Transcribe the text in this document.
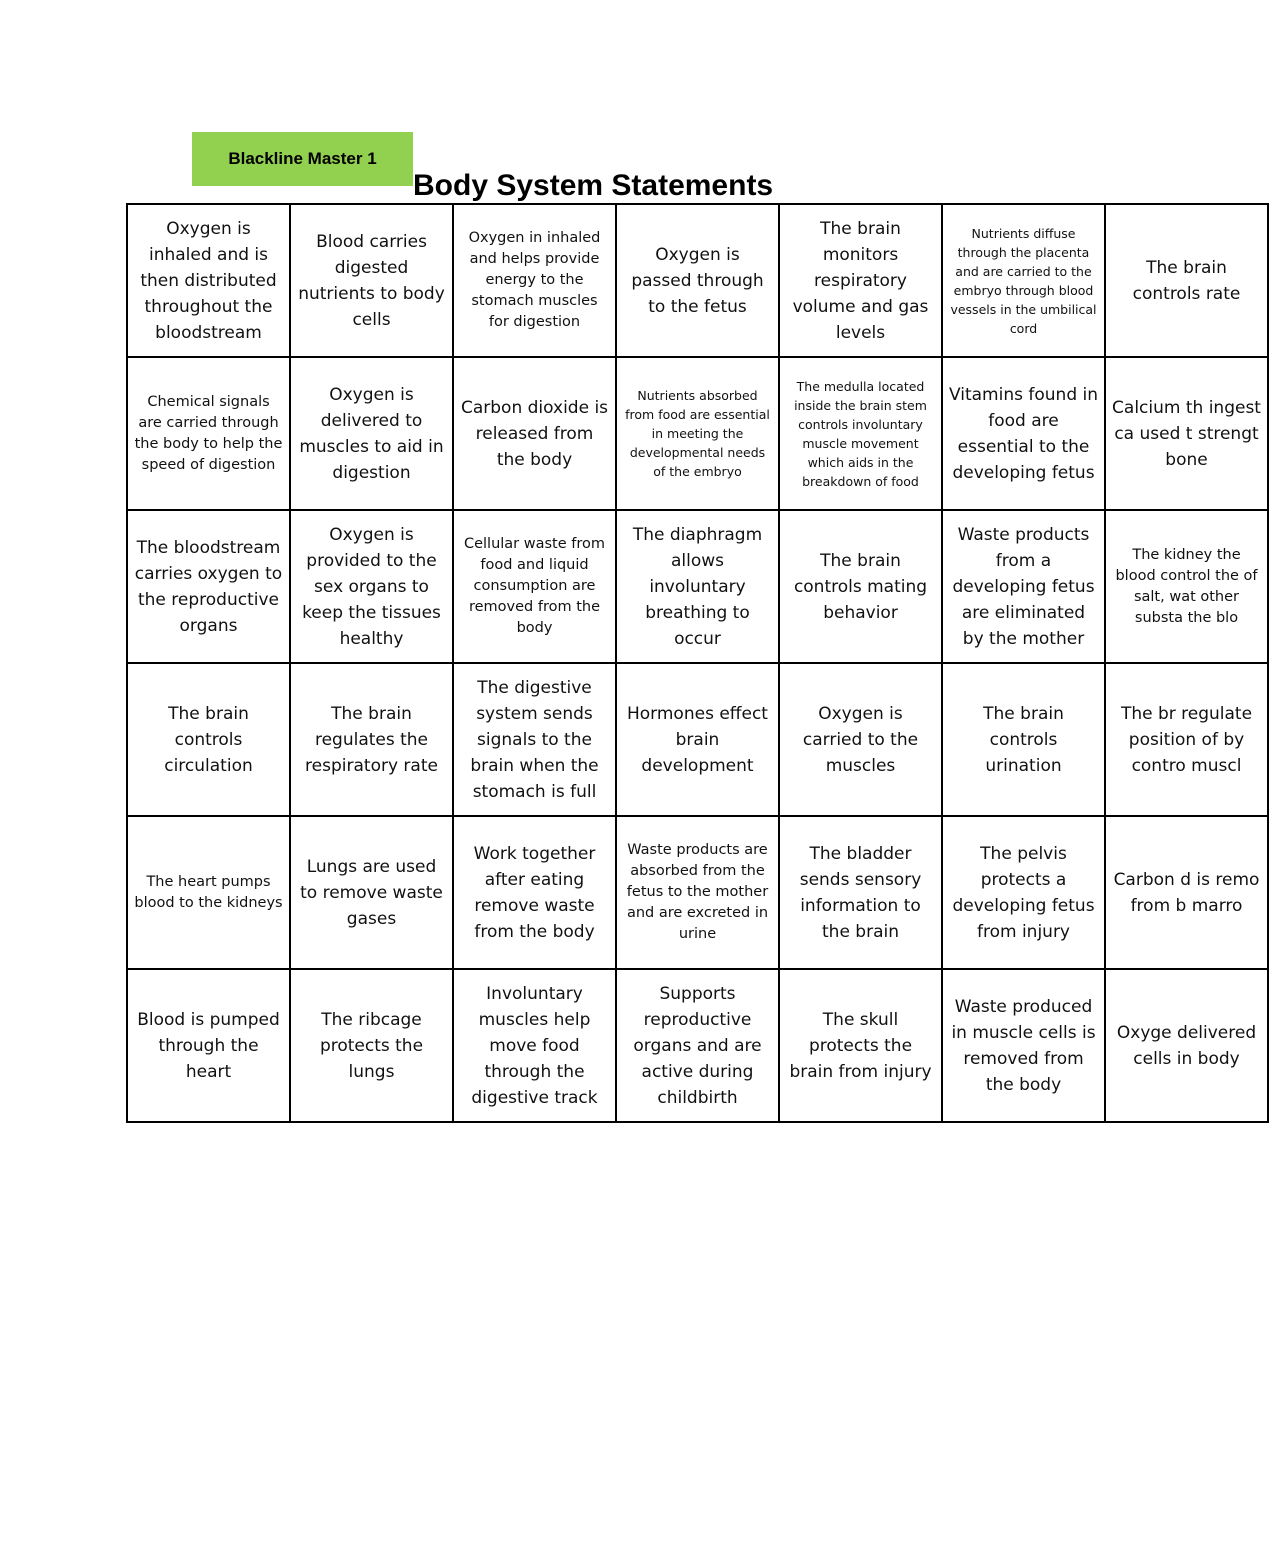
Blackline Master 1
Body System Statements
Oxygen is inhaled and is then distributed throughout the bloodstream	Blood carries digested nutrients to body cells	Oxygen in inhaled and helps provide energy to the stomach muscles for digestion	Oxygen is passed through to the fetus	The brain monitors respiratory volume and gas levels	Nutrients diffuse through the placenta and are carried to the embryo through blood vessels in the umbilical cord	The brain controls rate
Chemical signals are carried through the body to help the speed of digestion	Oxygen is delivered to muscles to aid in digestion	Carbon dioxide is released from the body	Nutrients absorbed from food are essential in meeting the developmental needs of the embryo	The medulla located inside the brain stem controls involuntary muscle movement which aids in the breakdown of food	Vitamins found in food are essential to the developing fetus	Calcium th ingest ca used t strengt bone
The bloodstream carries oxygen to the reproductive organs	Oxygen is provided to the sex organs to keep the tissues healthy	Cellular waste from food and liquid consumption are removed from the body	The diaphragm allows involuntary breathing to occur	The brain controls mating behavior	Waste products from a developing fetus are eliminated by the mother	The kidney the blood control the of salt, wat other substa the blo
The brain controls circulation	The brain regulates the respiratory rate	The digestive system sends signals to the brain when the stomach is full	Hormones effect brain development	Oxygen is carried to the muscles	The brain controls urination	The br regulate position of by contro muscl
The heart pumps blood to the kidneys	Lungs are used to remove waste gases	Work together after eating remove waste from the body	Waste products are absorbed from the fetus to the mother and are excreted in urine	The bladder sends sensory information to the brain	The pelvis protects a developing fetus from injury	Carbon d is remo from b marro
Blood is pumped through the heart	The ribcage protects the lungs	Involuntary muscles help move food through the digestive track	Supports reproductive organs and are active during childbirth	The skull protects the brain from injury	Waste produced in muscle cells is removed from the body	Oxyge delivered cells in body
